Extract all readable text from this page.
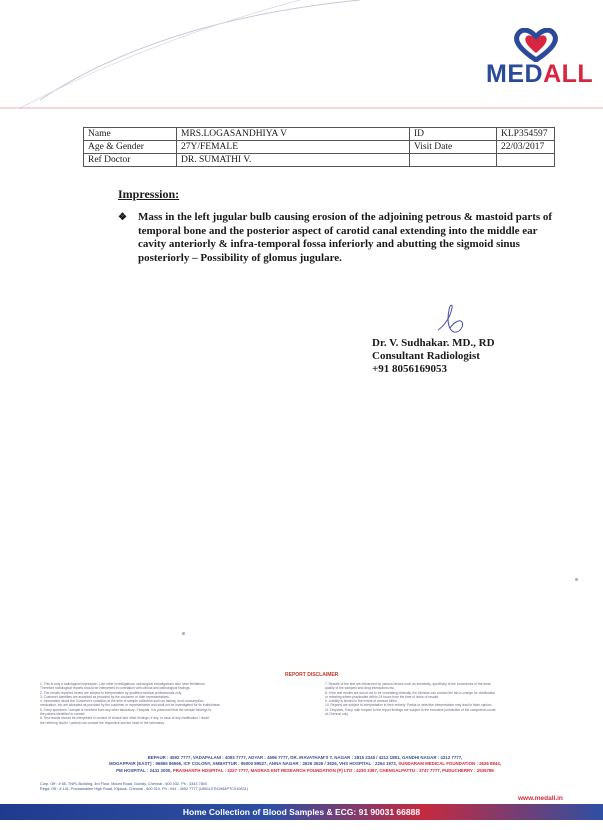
MEDALL
Name	MRS.LOGASANDHIYA V	ID	KLP354597
Age & Gender	27Y/FEMALE	Visit Date	22/03/2017
Ref Doctor	DR. SUMATHI V.		
Impression:
❖	Mass in the left jugular bulb causing erosion of the adjoining petrous & mastoid parts of temporal bone and the posterior aspect of carotid canal extending into the middle ear cavity anteriorly & infra-temporal fossa inferiorly and abutting the sigmoid sinus posteriorly – Possibility of glomus jugulare.
Dr. V. Sudhakar. MD., RD
Consultant Radiologist
+91 8056169053
REPORT DISCLAIMER

1. This is only a radiological impression. Like other investigations, radiological investigations also have limitations.

Therefore radiological reports should be interpreted in correlation with clinical and pathological findings.

2. The results reported herein are subject to interpretation by qualified medical professionals only.

3. Customer identities are accepted as provided by the customer or their representatives.

4. Information about the Customer's condition at the time of sample collection such as fasting, food consumption,

medication, etc are accepted as provided by the customer or representative and shall not be investigated for its truthfulness.

5. If any specimen / sample is received from any other laboratory / Hospital, it is presumed that the sample belongs to

the patient identified or named.

6. Test results should be interpreted in context of clinical and other findings; if any. In case of any clarification / doubt

the referring doctor / patient can contact the respective service head of the laboratory.

7. Results of the test are influenced by various factors such as sensitivity, specificity of the procedures of the tests,

quality of the samples and drug interactions etc.

8. If the test results are found not to be correlating clinically, the clinician can contact the lab in-charge for clarification

or retesting where practicable within 24 hours from the time of issue of results.

9. Liability is limited to the extent of amount billed.

10. Reports are subject to interpretation in their entirety. Partial or selective interpretation may lead to false opinion.

11. Disputes, if any, with respect to the report findings are subject to the exclusive jurisdiction of the competent courts

at Chennai only.

BEPAUR : 4592 7777, VADAPALANI : 4093 7777, ADYAR : 4596 7777, DR. IRAVATHAM'S T. NAGAR : 2815 2345 / 4212 1881, GANDHI NAGAR : 4212 7777,
MOGAPPAIR (EAST) : 96865 86566, ICF COLONY, AMBATTUR : 95000 89527, ANNA NAGAR : 2626 3526 / 3626, VHS HOSPITAL : 2254 1972, SUNDARAM MEDICAL FOUNDATION : 2626 8844,
PM HOSPITAL : 2441 2000, PRASHANTH HOSPITAL : 4227 7777, MADRAS ENT RESEARCH FOUNDATION (P) LTD : 4230 3387, CHENGALPATTU : 3747 7777, PUDUCHERRY : 2535786
Corp. Off : # 65, TNPL Building, 3rd Floor, Mount Road, Guindy, Chennai - 600 032. Ph : 4343 7800
Regd. Off : # 141, Poonamallee High Road, Kilpauk, Chennai - 600 010. Ph : 044 - 4552 7777 (U85110TN1984PTC010831)
www.medall.in
Home Collection of Blood Samples & ECG: 91 90031 66888
